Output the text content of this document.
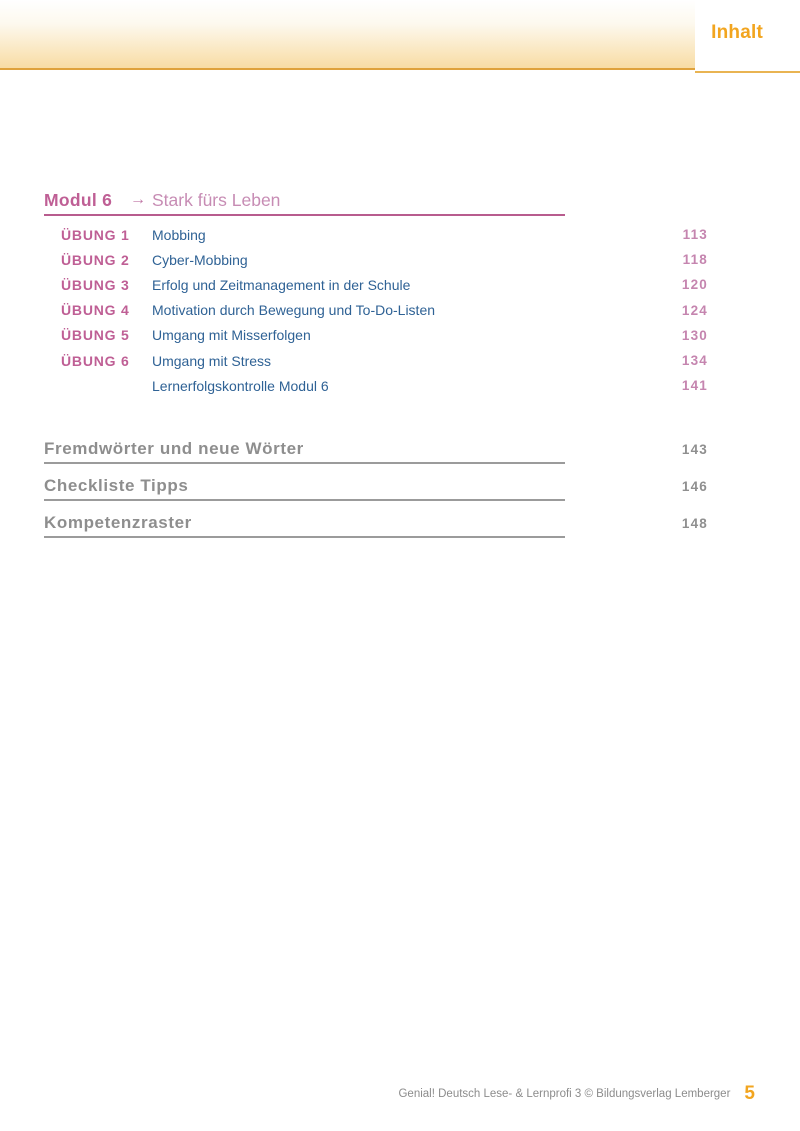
Inhalt
Modul 6 → Stark fürs Leben
ÜBUNG 1	Mobbing	113
ÜBUNG 2	Cyber-Mobbing	118
ÜBUNG 3	Erfolg und Zeitmanagement in der Schule	120
ÜBUNG 4	Motivation durch Bewegung und To-Do-Listen	124
ÜBUNG 5	Umgang mit Misserfolgen	130
ÜBUNG 6	Umgang mit Stress	134
Lernerfolgskontrolle Modul 6	141
Fremdwörter und neue Wörter	143
Checkliste Tipps	146
Kompetenzraster	148
Genial! Deutsch Lese- & Lernprofi 3 © Bildungsverlag Lemberger 5
